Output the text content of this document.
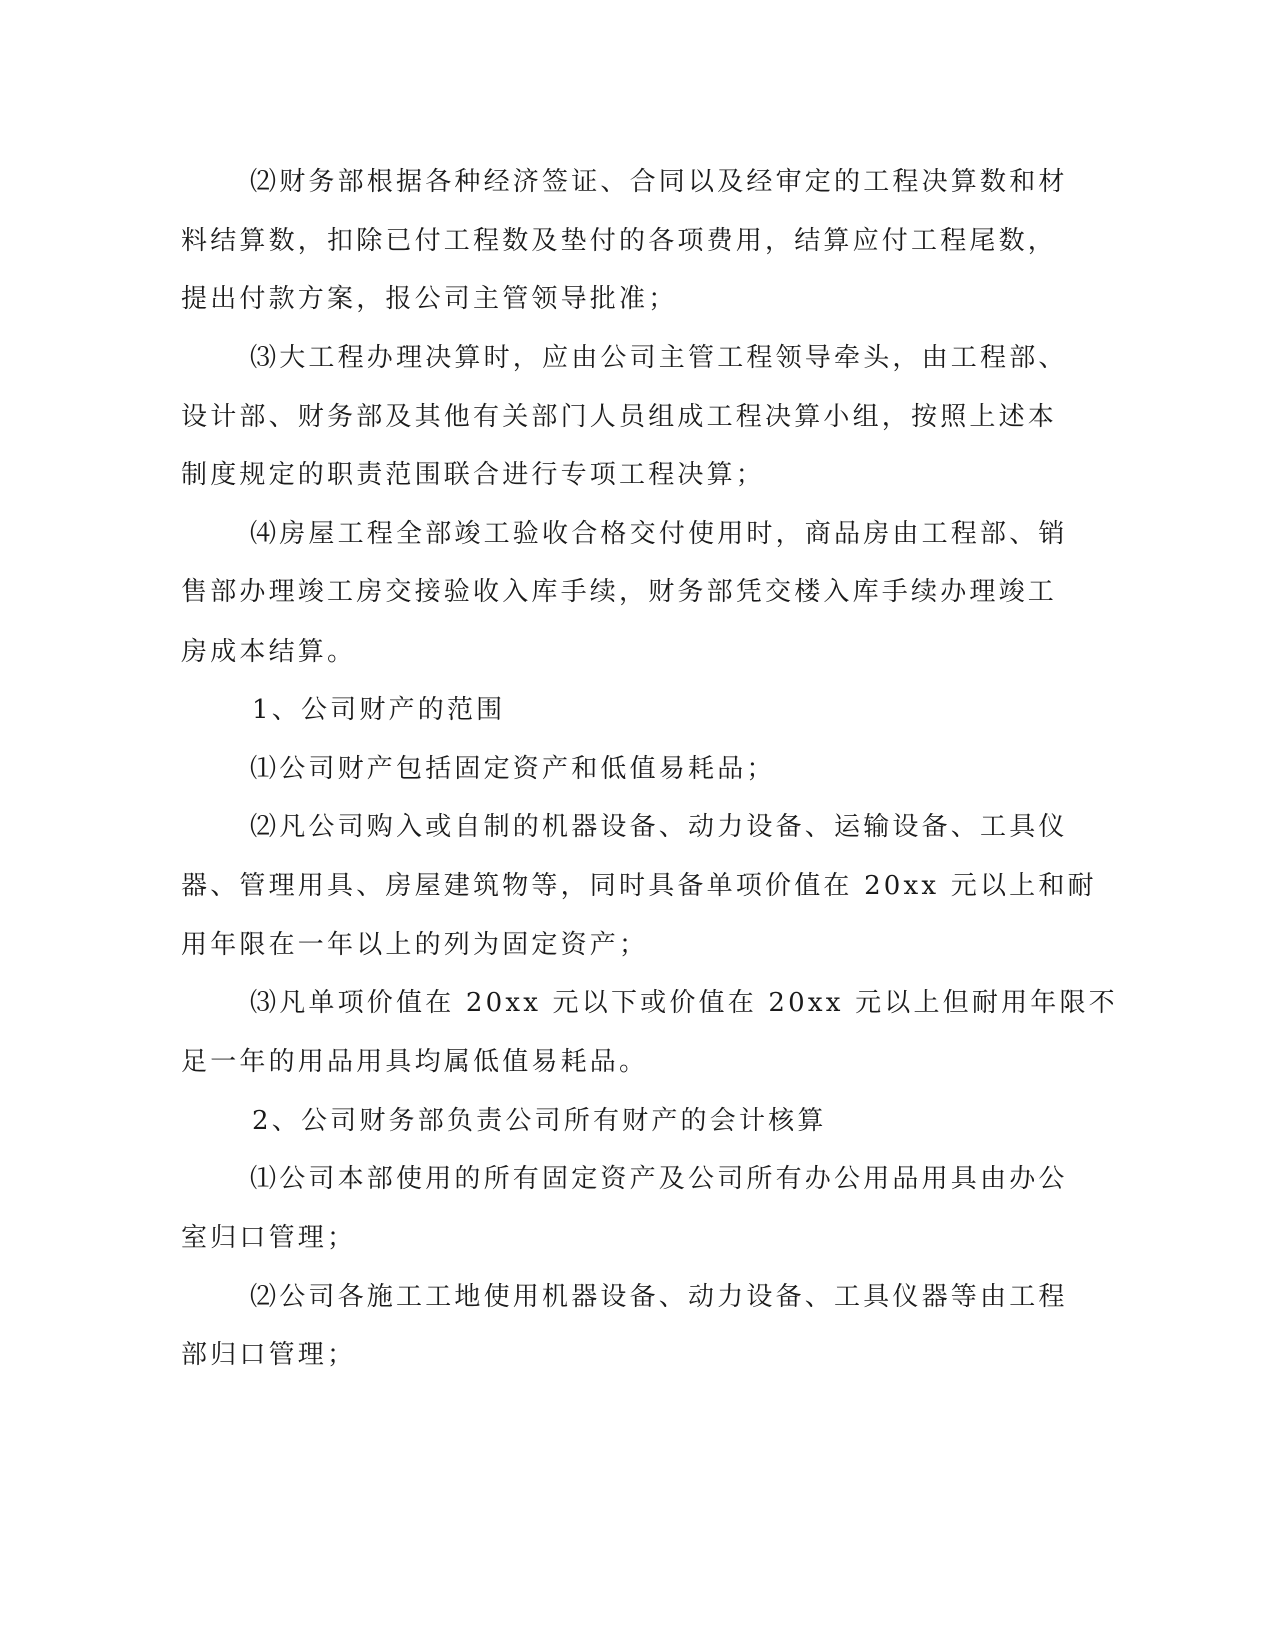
⑵财务部根据各种经济签证、合同以及经审定的工程决算数和材

料结算数，扣除已付工程数及垫付的各项费用，结算应付工程尾数，

提出付款方案，报公司主管领导批准；

⑶大工程办理决算时，应由公司主管工程领导牵头，由工程部、

设计部、财务部及其他有关部门人员组成工程决算小组，按照上述本

制度规定的职责范围联合进行专项工程决算；

⑷房屋工程全部竣工验收合格交付使用时，商品房由工程部、销

售部办理竣工房交接验收入库手续，财务部凭交楼入库手续办理竣工

房成本结算。

1、公司财产的范围

⑴公司财产包括固定资产和低值易耗品；

⑵凡公司购入或自制的机器设备、动力设备、运输设备、工具仪

器、管理用具、房屋建筑物等，同时具备单项价值在 20xx 元以上和耐

用年限在一年以上的列为固定资产；

⑶凡单项价值在 20xx 元以下或价值在 20xx 元以上但耐用年限不

足一年的用品用具均属低值易耗品。

2、公司财务部负责公司所有财产的会计核算

⑴公司本部使用的所有固定资产及公司所有办公用品用具由办公

室归口管理；

⑵公司各施工工地使用机器设备、动力设备、工具仪器等由工程

部归口管理；
